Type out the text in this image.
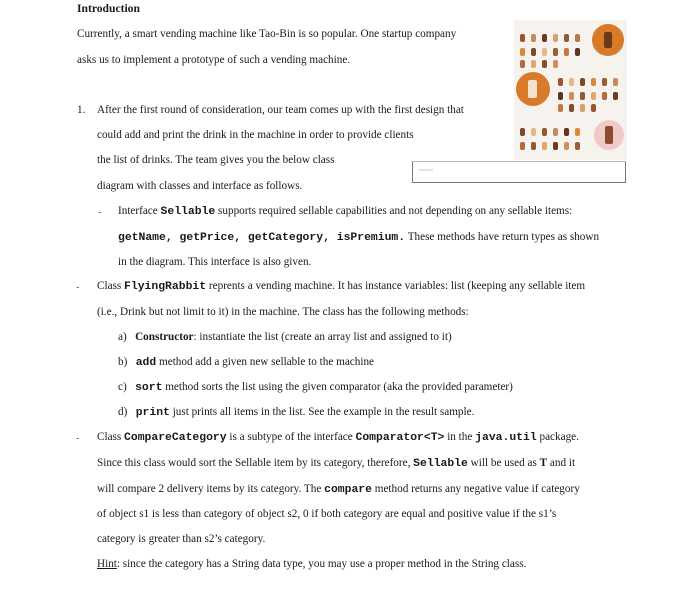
Introduction
Currently, a smart vending machine like Tao-Bin is so popular. One startup company
asks us to implement a prototype of such a vending machine.
1. After the first round of consideration, our team comes up with the first design that
could add and print the drink in the machine in order to provide clients
the list of drinks. The team gives you the below class
diagram with classes and interface as follows.
- Interface Sellable supports required sellable capabilities and not depending on any sellable items:
getName, getPrice, getCategory, isPremium. These methods have return types as shown
in the diagram. This interface is also given.
- Class FlyingRabbit reprents a vending machine. It has instance variables: list (keeping any sellable item
(i.e., Drink but not limit to it) in the machine. The class has the following methods:
a) Constructor: instantiate the list (create an array list and assigned to it)
b) add method add a given new sellable to the machine
c) sort method sorts the list using the given comparator (aka the provided parameter)
d) print just prints all items in the list. See the example in the result sample.
- Class CompareCategory is a subtype of the interface Comparator<T> in the java.util package.
Since this class would sort the Sellable item by its category, therefore, Sellable will be used as T and it
will compare 2 delivery items by its category. The compare method returns any negative value if category
of object s1 is less than category of object s2, 0 if both category are equal and positive value if the s1’s
category is greater than s2’s category.
Hint: since the category has a String data type, you may use a proper method in the String class.
